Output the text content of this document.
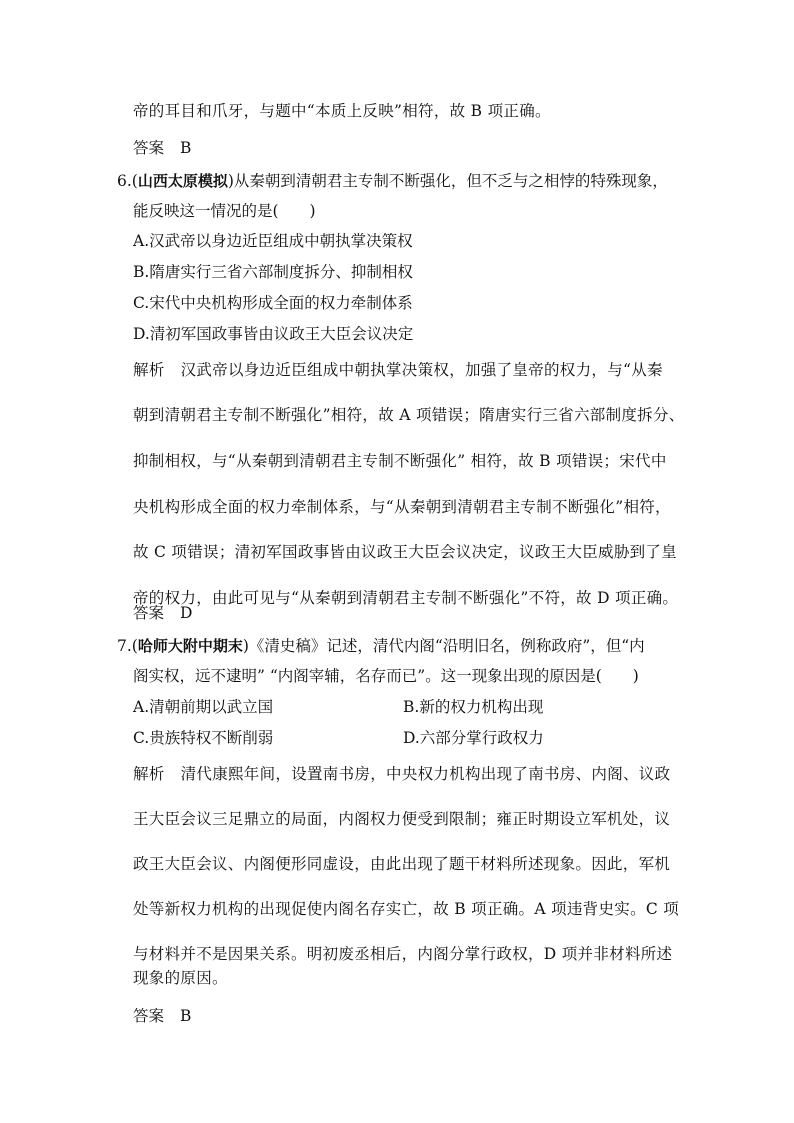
帝的耳目和爪牙，与题中“本质上反映”相符，故 B 项正确。
答案 B
6.(山西太原模拟)从秦朝到清朝君主专制不断强化，但不乏与之相悖的特殊现象，
能反映这一情况的是(　　)
A.汉武帝以身边近臣组成中朝执掌决策权
B.隋唐实行三省六部制度拆分、抑制相权
C.宋代中央机构形成全面的权力牵制体系
D.清初军国政事皆由议政王大臣会议决定
解析 汉武帝以身边近臣组成中朝执掌决策权，加强了皇帝的权力，与“从秦
朝到清朝君主专制不断强化”相符，故 A 项错误；隋唐实行三省六部制度拆分、
抑制相权，与“从秦朝到清朝君主专制不断强化” 相符，故 B 项错误；宋代中
央机构形成全面的权力牵制体系，与“从秦朝到清朝君主专制不断强化”相符，
故 C 项错误；清初军国政事皆由议政王大臣会议决定，议政王大臣威胁到了皇
帝的权力，由此可见与“从秦朝到清朝君主专制不断强化”不符，故 D 项正确。
答案 D
7.(哈师大附中期末)《清史稿》记述，清代内阁“沿明旧名，例称政府”，但“内
阁实权，远不逮明” “内阁宰辅，名存而已”。这一现象出现的原因是(　　)
A.清朝前期以武立国	B.新的权力机构出现
C.贵族特权不断削弱	D.六部分掌行政权力
解析 清代康熙年间，设置南书房，中央权力机构出现了南书房、内阁、议政
王大臣会议三足鼎立的局面，内阁权力便受到限制；雍正时期设立军机处，议
政王大臣会议、内阁便形同虚设，由此出现了题干材料所述现象。因此，军机
处等新权力机构的出现促使内阁名存实亡，故 B 项正确。A 项违背史实。C 项
与材料并不是因果关系。明初废丞相后，内阁分掌行政权，D 项并非材料所述
现象的原因。
答案 B
